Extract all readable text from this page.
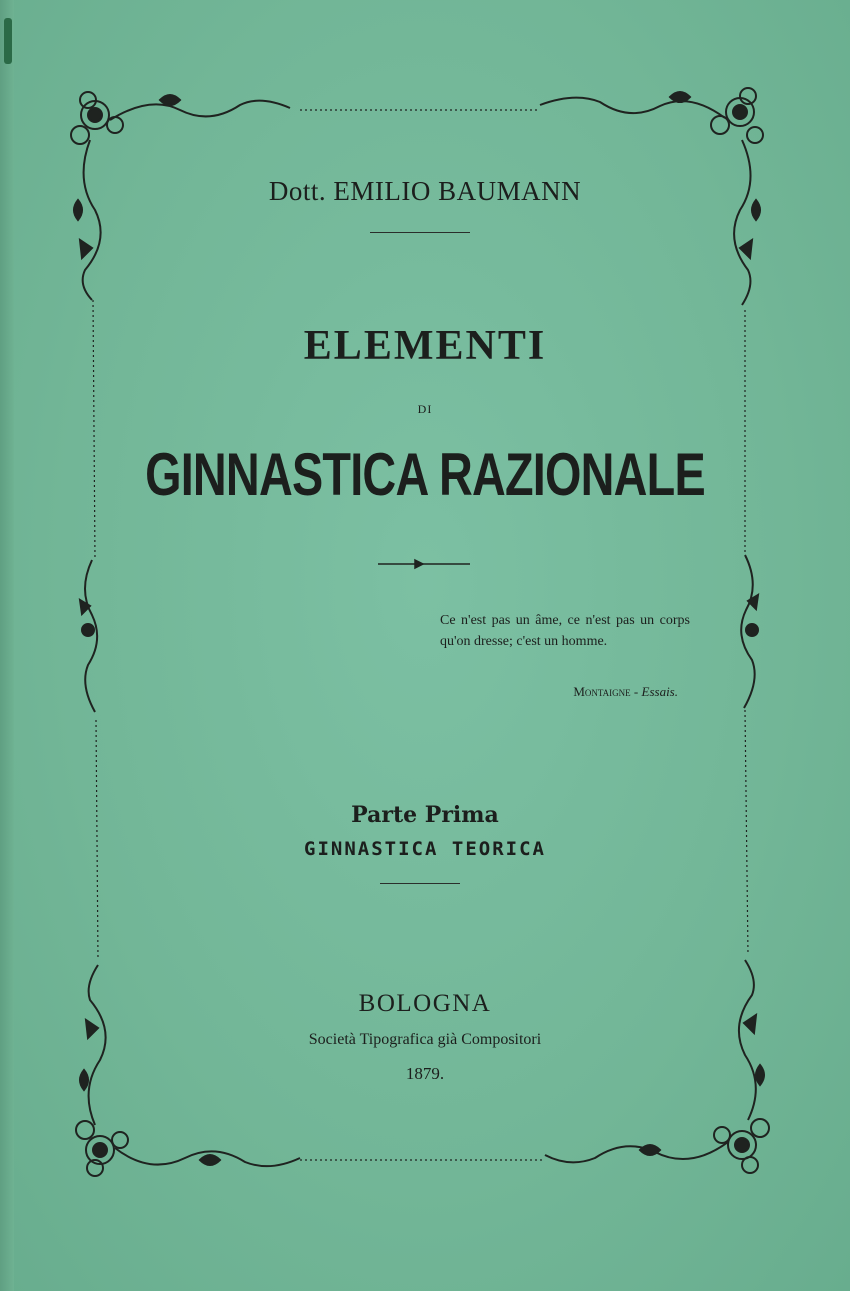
Dott. EMILIO BAUMANN

ELEMENTI

DI

GINNASTICA RAZIONALE

Ce n'est pas un âme, ce n'est pas un corps qu'on dresse; c'est un homme.

Montaigne - Essais.

Parte Prima

GINNASTICA TEORICA

BOLOGNA

Società Tipografica già Compositori

1879.
